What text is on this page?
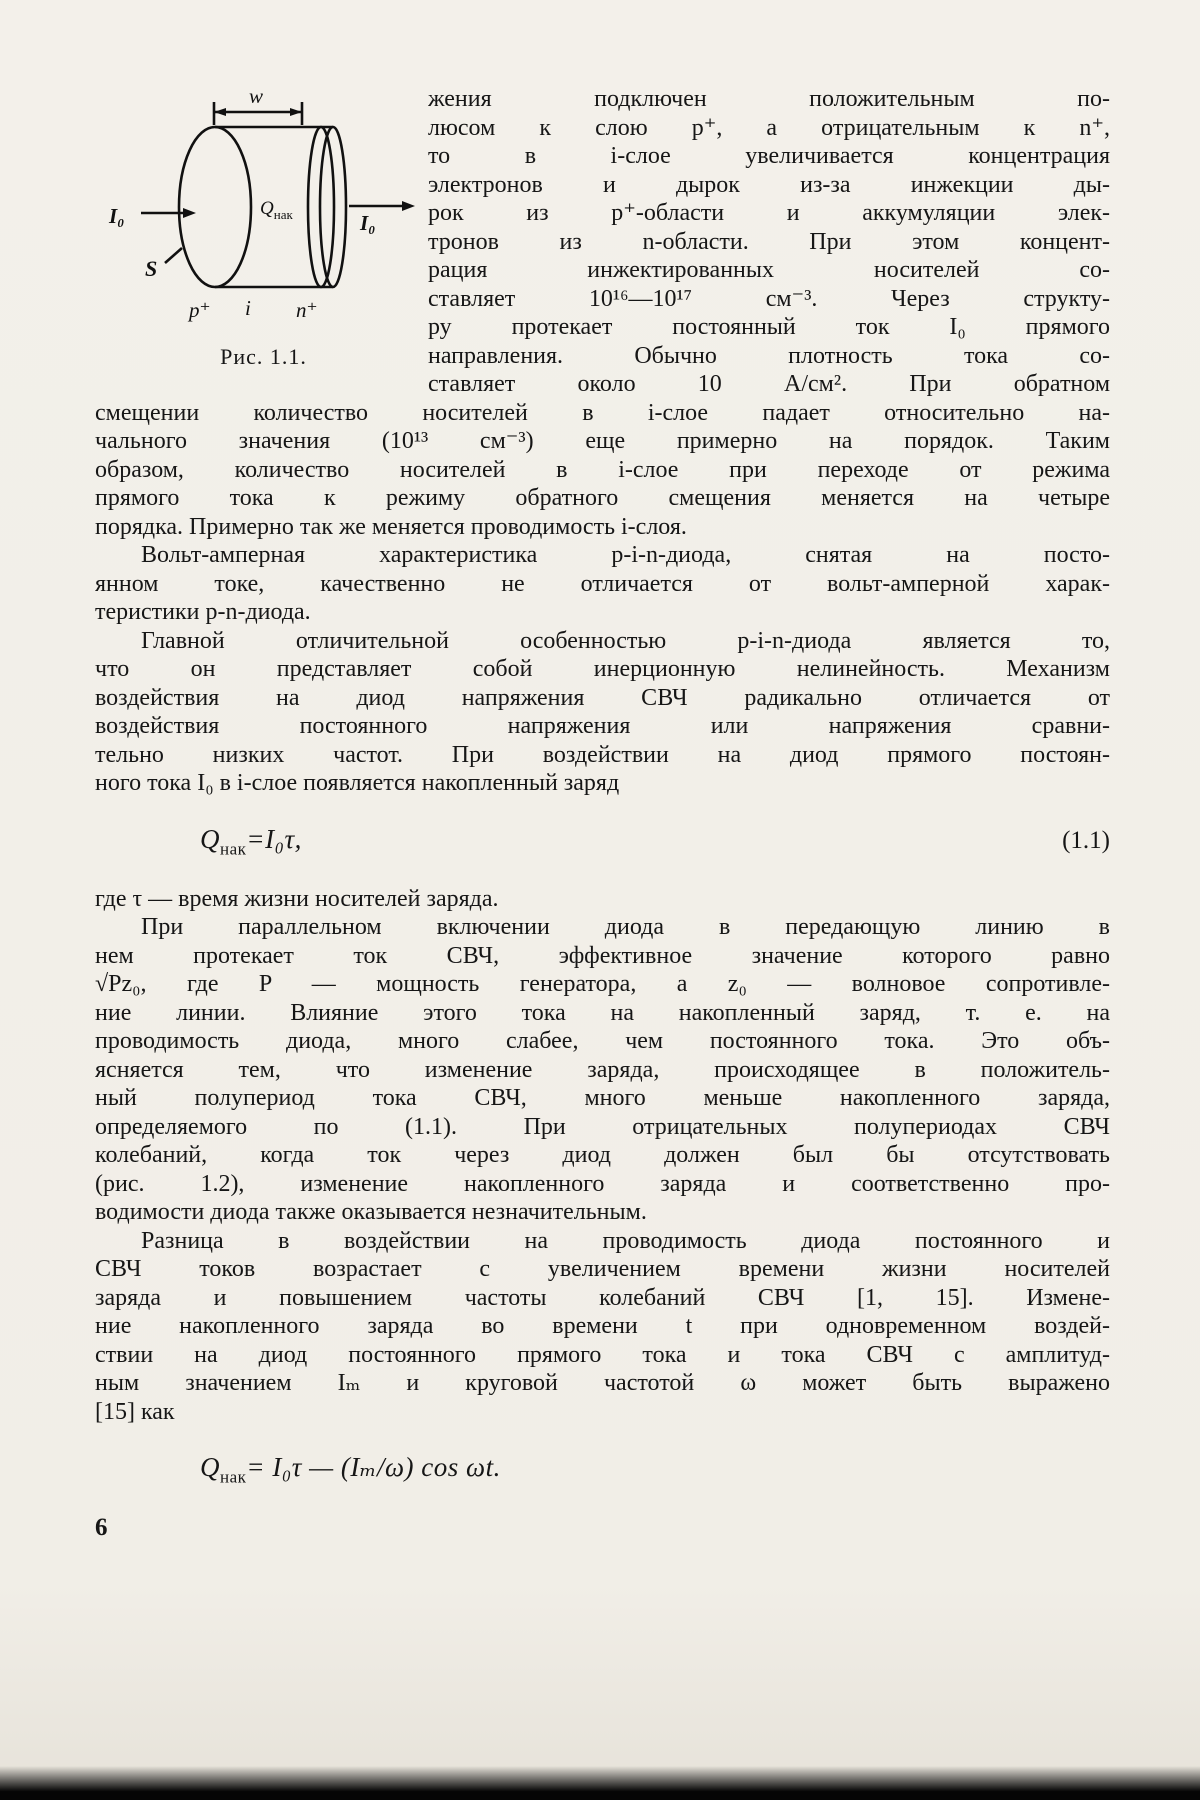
w
$Q_{нак}$
I₀	I₀
S
p⁺ i n⁺
Рис. 1.1.
жения подключен положительным по-
люсом к слою p⁺, а отрицательным к n⁺,
то в i-слое увеличивается концентрация
электронов и дырок из-за инжекции ды-
рок из p⁺-области и аккумуляции элек-
тронов из n-области. При этом концент-
рация инжектированных носителей со-
ставляет 10¹⁶—10¹⁷ см⁻³. Через структу-
ру протекает постоянный ток I₀ прямого
направления. Обычно плотность тока со-
ставляет около 10 А/см². При обратном
смещении количество носителей в i-слое падает относительно на-
чального значения (10¹³ см⁻³) еще примерно на порядок. Таким
образом, количество носителей в i-слое при переходе от режима
прямого тока к режиму обратного смещения меняется на четыре
порядка. Примерно так же меняется проводимость i-слоя.
Вольт-амперная характеристика p-i-n-диода, снятая на посто-
янном токе, качественно не отличается от вольт-амперной харак-
теристики p-n-диода.
Главной отличительной особенностью p-i-n-диода является то,
что он представляет собой инерционную нелинейность. Механизм
воздействия на диод напряжения СВЧ радикально отличается от
воздействия постоянного напряжения или напряжения сравни-
тельно низких частот. При воздействии на диод прямого постоян-
ного тока I₀ в i-слое появляется накопленный заряд
$Q_{нак}=I_0\tau$,	(1.1)
где τ — время жизни носителей заряда.
При параллельном включении диода в передающую линию в
нем протекает ток СВЧ, эффективное значение которого равно
√Pz₀, где P — мощность генератора, а z₀ — волновое сопротивле-
ние линии. Влияние этого тока на накопленный заряд, т. е. на
проводимость диода, много слабее, чем постоянного тока. Это объ-
ясняется тем, что изменение заряда, происходящее в положитель-
ный полупериод тока СВЧ, много меньше накопленного заряда,
определяемого по (1.1). При отрицательных полупериодах СВЧ
колебаний, когда ток через диод должен был бы отсутствовать
(рис. 1.2), изменение накопленного заряда и соответственно про-
водимости диода также оказывается незначительным.
Разница в воздействии на проводимость диода постоянного и
СВЧ токов возрастает с увеличением времени жизни носителей
заряда и повышением частоты колебаний СВЧ [1, 15]. Измене-
ние накопленного заряда во времени t при одновременном воздей-
ствии на диод постоянного прямого тока и тока СВЧ с амплитуд-
ным значением Iₘ и круговой частотой ω может быть выражено
[15] как
$Q_{нак}= I_0\tau$ — (Iₘ/ω) cos ωt.
6
